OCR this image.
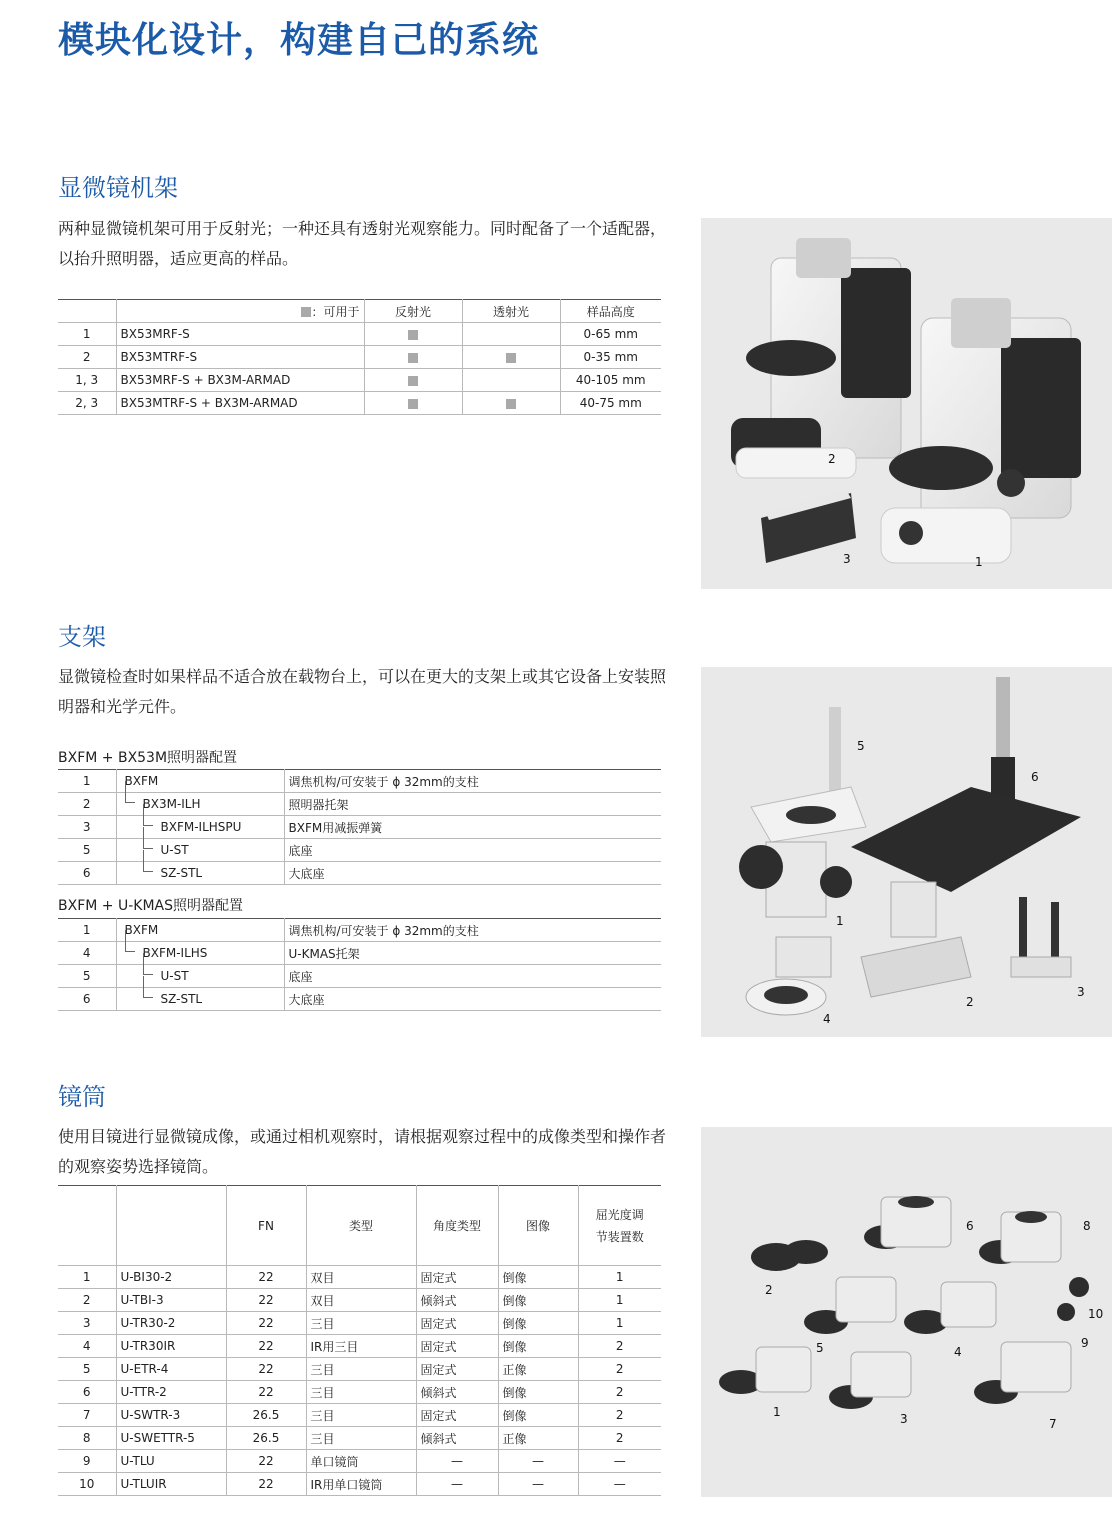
模块化设计，构建自己的系统
显微镜机架
两种显微镜机架可用于反射光；一种还具有透射光观察能力。同时配备了一个适配器，以抬升照明器，适应更高的样品。
	：可用于	反射光	透射光	样品高度
1	BX53MRF-S			0-65 mm
2	BX53MTRF-S			0-35 mm
1, 3	BX53MRF-S + BX3M-ARMAD			40-105 mm
2, 3	BX53MTRF-S + BX3M-ARMAD			40-75 mm
2
3	1
支架
显微镜检查时如果样品不适合放在载物台上，可以在更大的支架上或其它设备上安装照明器和光学元件。
BXFM + BX53M照明器配置
1	BXFM	调焦机构/可安装于 ϕ 32mm的支柱
2	BX3M-ILH	照明器托架
3	BXFM-ILHSPU	BXFM用减振弹簧
5	U-ST	底座
6	SZ-STL	大底座
BXFM + U-KMAS照明器配置
1	BXFM	调焦机构/可安装于 ϕ 32mm的支柱
4	BXFM-ILHS	U-KMAS托架
5	U-ST	底座
6	SZ-STL	大底座
5
6
1
2
3
4
镜筒
使用目镜进行显微镜成像，或通过相机观察时，请根据观察过程中的成像类型和操作者的观察姿势选择镜筒。
		FN	类型	角度类型	图像	屈光度调
节装置数
1	U-BI30-2	22	双目	固定式	倒像	1
2	U-TBI-3	22	双目	倾斜式	倒像	1
3	U-TR30-2	22	三目	固定式	倒像	1
4	U-TR30IR	22	IR用三目	固定式	倒像	2
5	U-ETR-4	22	三目	固定式	正像	2
6	U-TTR-2	22	三目	倾斜式	倒像	2
7	U-SWTR-3	26.5	三目	固定式	倒像	2
8	U-SWETTR-5	26.5	三目	倾斜式	正像	2
9	U-TLU	22	单口镜筒	—	—	—
10	U-TLUIR	22	IR用单口镜筒	—	—	—
6	8
2
10
9
5	4
1	3	7
